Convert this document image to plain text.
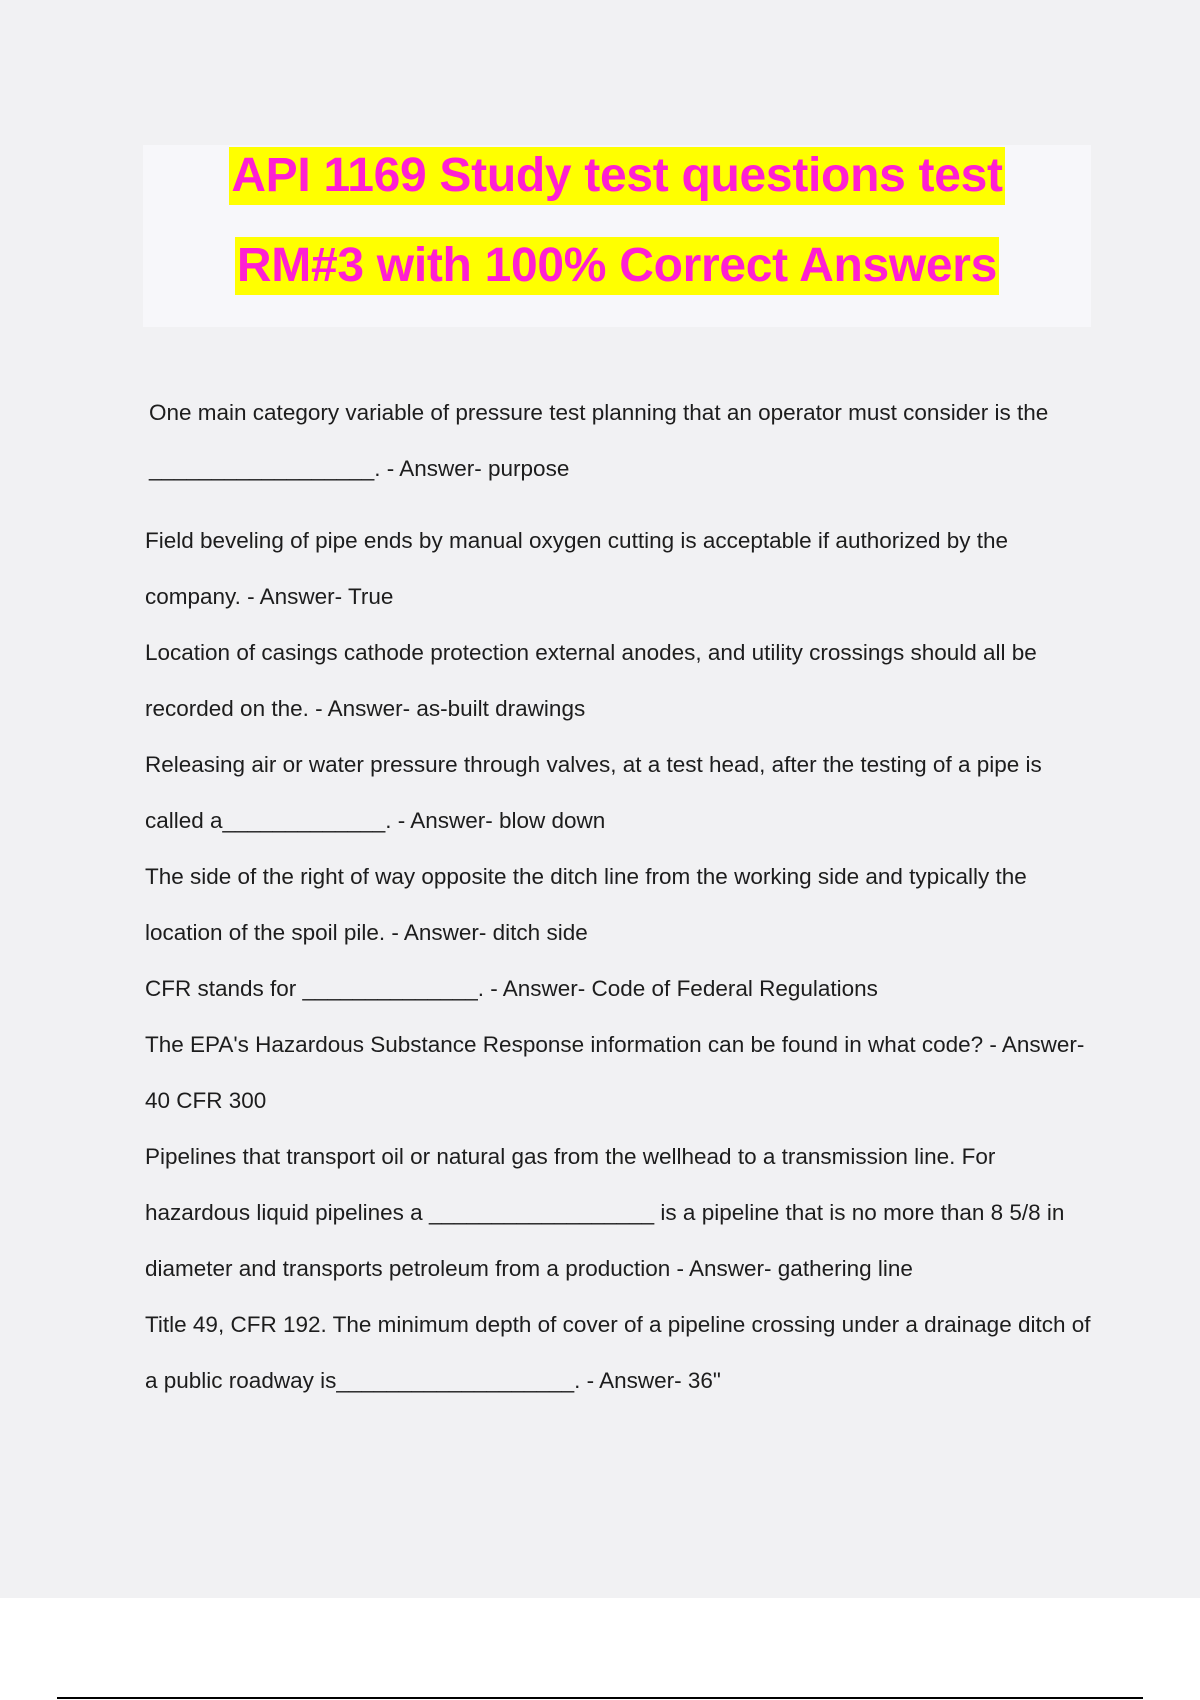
API 1169 Study test questions test
RM#3 with 100% Correct Answers

One main category variable of pressure test planning that an operator must consider is the __________________. - Answer- purpose

Field beveling of pipe ends by manual oxygen cutting is acceptable if authorized by the company. - Answer- True

Location of casings cathode protection external anodes, and utility crossings should all be recorded on the. - Answer- as-built drawings

Releasing air or water pressure through valves, at a test head, after the testing of a pipe is called a_____________. - Answer- blow down

The side of the right of way opposite the ditch line from the working side and typically the location of the spoil pile. - Answer- ditch side

CFR stands for ______________. - Answer- Code of Federal Regulations

The EPA's Hazardous Substance Response information can be found in what code? - Answer- 40 CFR 300

Pipelines that transport oil or natural gas from the wellhead to a transmission line. For hazardous liquid pipelines a __________________ is a pipeline that is no more than 8 5/8 in diameter and transports petroleum from a production - Answer- gathering line

Title 49, CFR 192. The minimum depth of cover of a pipeline crossing under a drainage ditch of a public roadway is___________________. - Answer- 36"
